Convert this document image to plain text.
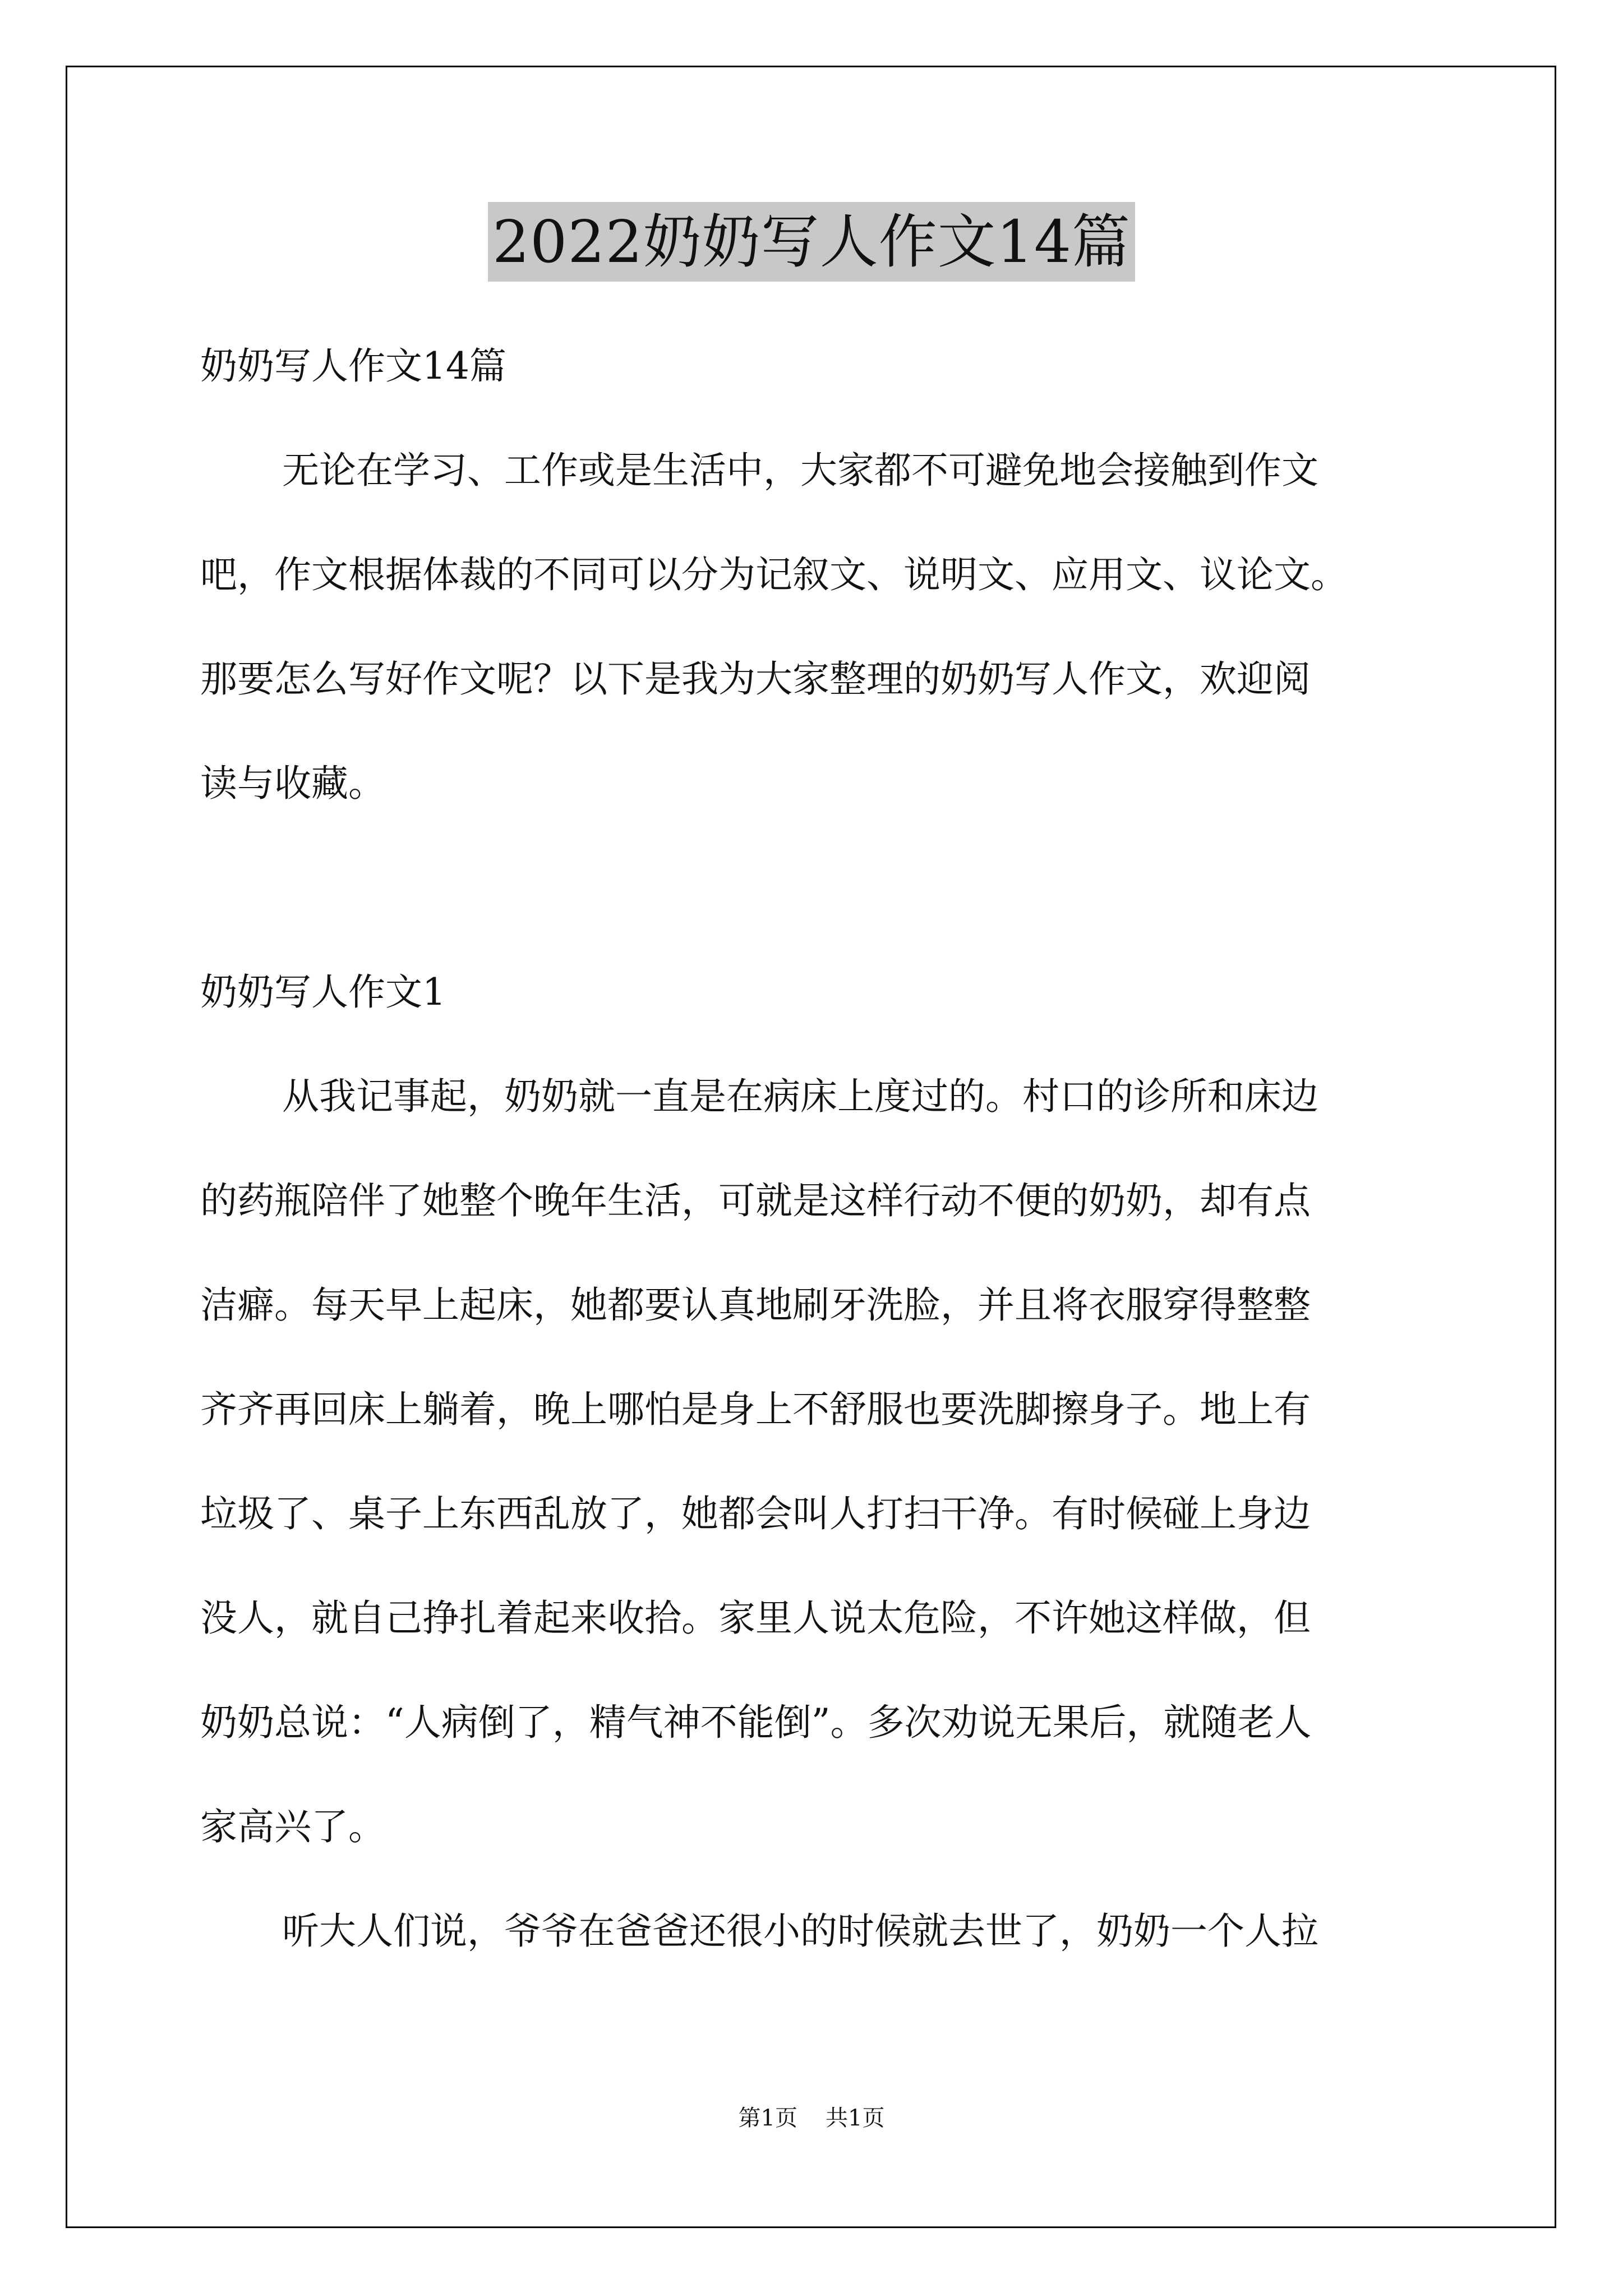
2022奶奶写人作文14篇

奶奶写人作文14篇

无论在学习、工作或是生活中，大家都不可避免地会接触到作文

吧，作文根据体裁的不同可以分为记叙文、说明文、应用文、议论文。

那要怎么写好作文呢？以下是我为大家整理的奶奶写人作文，欢迎阅

读与收藏。

奶奶写人作文1

从我记事起，奶奶就一直是在病床上度过的。村口的诊所和床边

的药瓶陪伴了她整个晚年生活，可就是这样行动不便的奶奶，却有点

洁癖。每天早上起床，她都要认真地刷牙洗脸，并且将衣服穿得整整

齐齐再回床上躺着，晚上哪怕是身上不舒服也要洗脚擦身子。地上有

垃圾了、桌子上东西乱放了，她都会叫人打扫干净。有时候碰上身边

没人，就自己挣扎着起来收拾。家里人说太危险，不许她这样做，但

奶奶总说：“人病倒了，精气神不能倒”。多次劝说无果后，就随老人

家高兴了。

听大人们说，爷爷在爸爸还很小的时候就去世了，奶奶一个人拉

第1页 共1页
